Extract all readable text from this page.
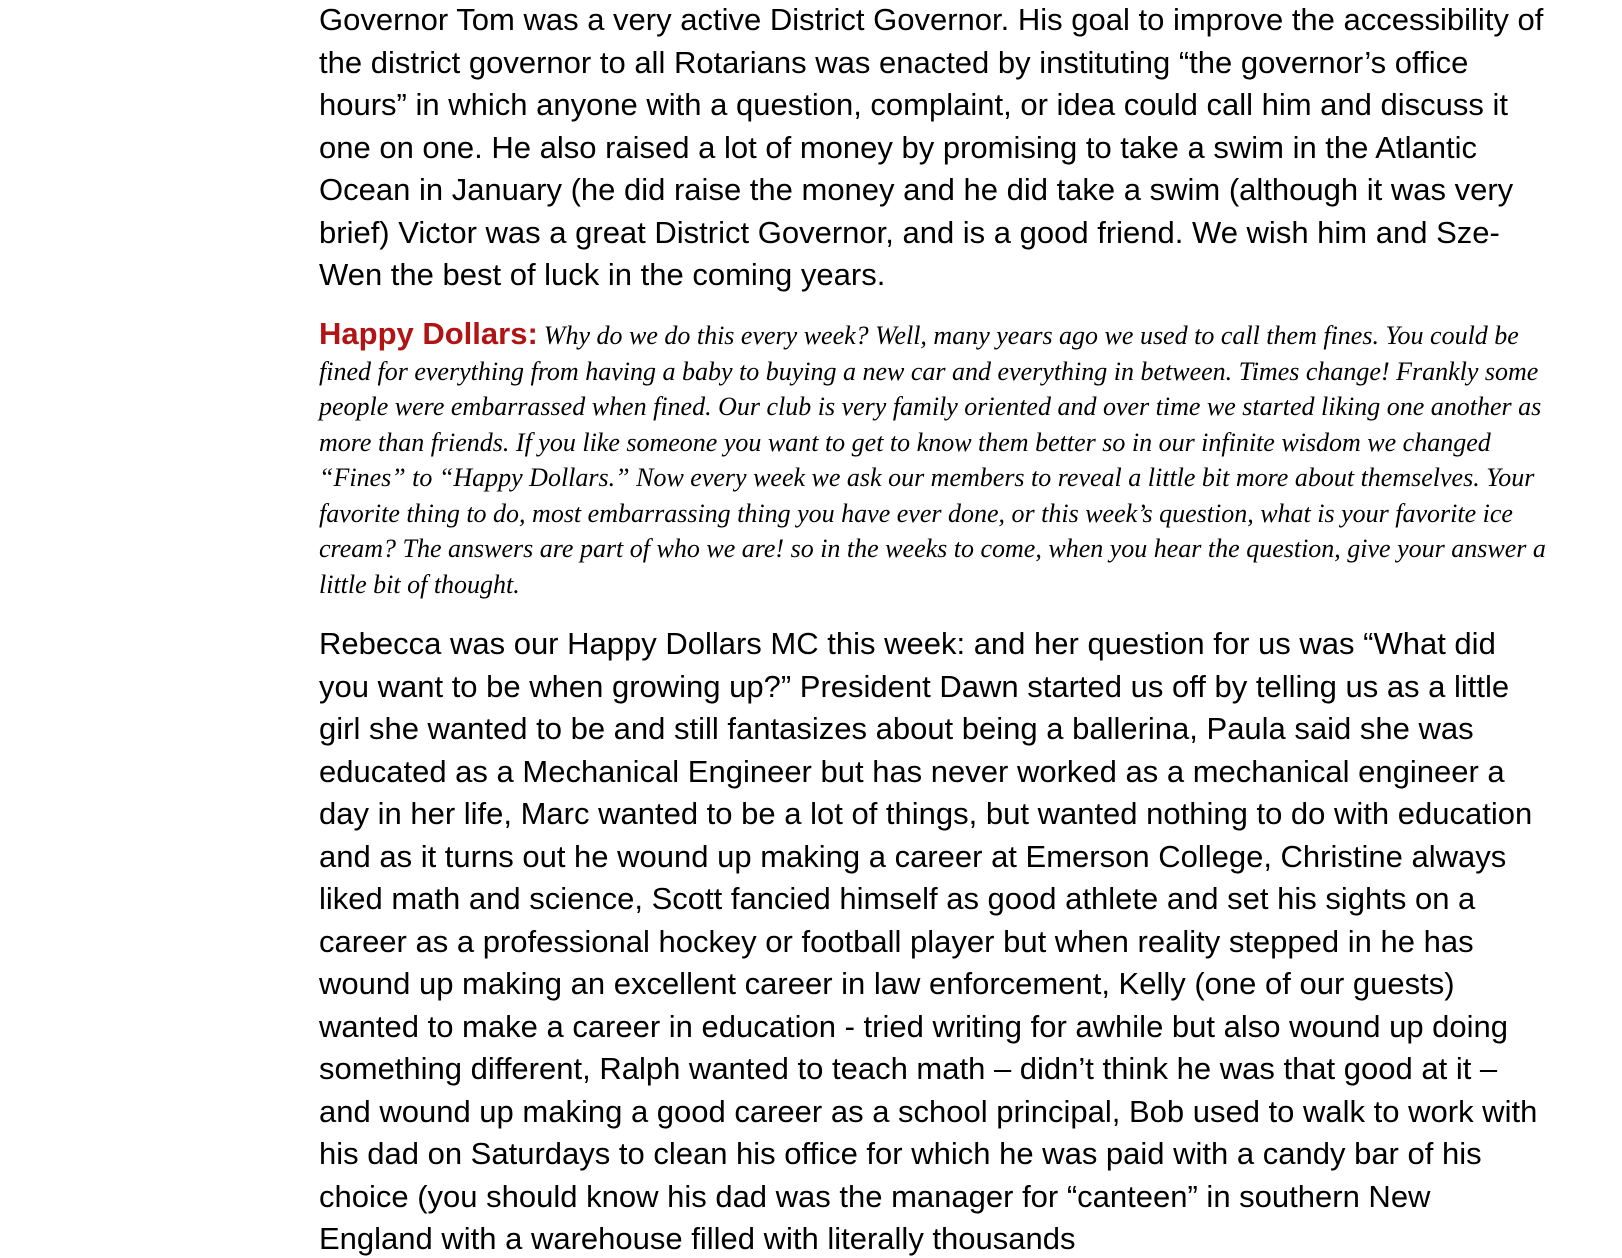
Governor Tom was a very active District Governor. His goal to improve the accessibility of the district governor to all Rotarians was enacted by instituting “the governor’s office hours” in which anyone with a question, complaint, or idea could call him and discuss it one on one. He also raised a lot of money by promising to take a swim in the Atlantic Ocean in January (he did raise the money and he did take a swim (although it was very brief) Victor was a great District Governor, and is a good friend. We wish him and Sze-Wen the best of luck in the coming years.

Happy Dollars: Why do we do this every week? Well, many years ago we used to call them fines. You could be fined for everything from having a baby to buying a new car and everything in between. Times change! Frankly some people were embarrassed when fined. Our club is very family oriented and over time we started liking one another as more than friends. If you like someone you want to get to know them better so in our infinite wisdom we changed “Fines” to “Happy Dollars.” Now every week we ask our members to reveal a little bit more about themselves. Your favorite thing to do, most embarrassing thing you have ever done, or this week’s question, what is your favorite ice cream? The answers are part of who we are! so in the weeks to come, when you hear the question, give your answer a little bit of thought.

Rebecca was our Happy Dollars MC this week: and her question for us was “What did you want to be when growing up?” President Dawn started us off by telling us as a little girl she wanted to be and still fantasizes about being a ballerina, Paula said she was educated as a Mechanical Engineer but has never worked as a mechanical engineer a day in her life, Marc wanted to be a lot of things, but wanted nothing to do with education and as it turns out he wound up making a career at Emerson College, Christine always liked math and science, Scott fancied himself as good athlete and set his sights on a career as a professional hockey or football player but when reality stepped in he has wound up making an excellent career in law enforcement, Kelly (one of our guests) wanted to make a career in education - tried writing for awhile but also wound up doing something different, Ralph wanted to teach math – didn’t think he was that good at it – and wound up making a good career as a school principal, Bob used to walk to work with his dad on Saturdays to clean his office for which he was paid with a candy bar of his choice (you should know his dad was the manager for “canteen” in southern New England with a warehouse filled with literally thousands
